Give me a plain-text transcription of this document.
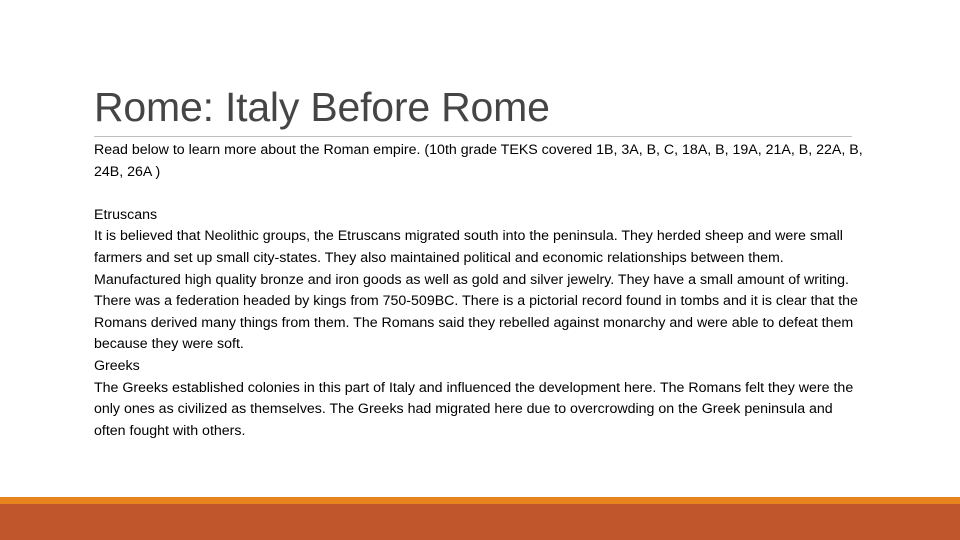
Rome: Italy Before Rome

Read below to learn more about the Roman empire. (10th grade TEKS covered 1B, 3A, B, C, 18A, B, 19A, 21A, B, 22A, B, 24B, 26A )

Etruscans

It is believed that Neolithic groups, the Etruscans migrated south into the peninsula. They herded sheep and were small farmers and set up small city-states. They also maintained political and economic relationships between them. Manufactured high quality bronze and iron goods as well as gold and silver jewelry. They have a small amount of writing. There was a federation headed by kings from 750-509BC. There is a pictorial record found in tombs and it is clear that the Romans derived many things from them. The Romans said they rebelled against monarchy and were able to defeat them because they were soft.

Greeks

The Greeks established colonies in this part of Italy and influenced the development here. The Romans felt they were the only ones as civilized as themselves. The Greeks had migrated here due to overcrowding on the Greek peninsula and often fought with others.
